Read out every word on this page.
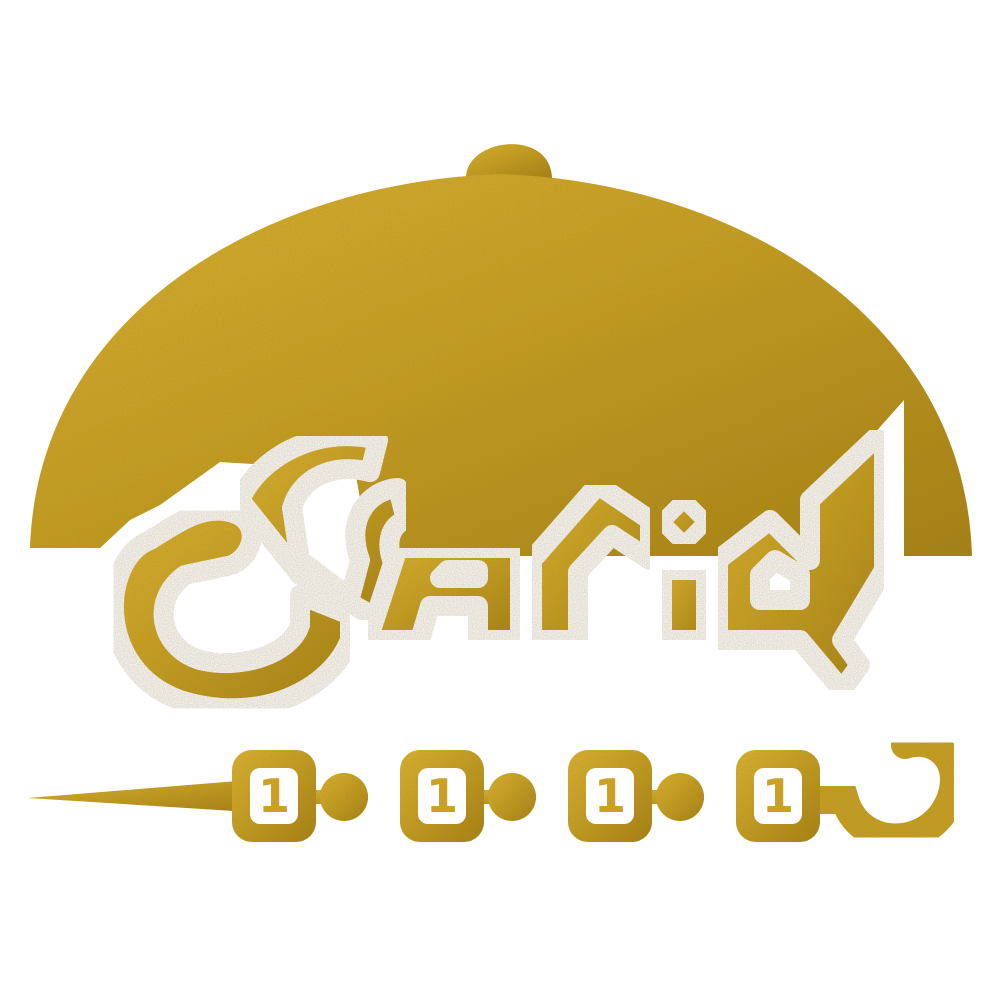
1	1	1	1
